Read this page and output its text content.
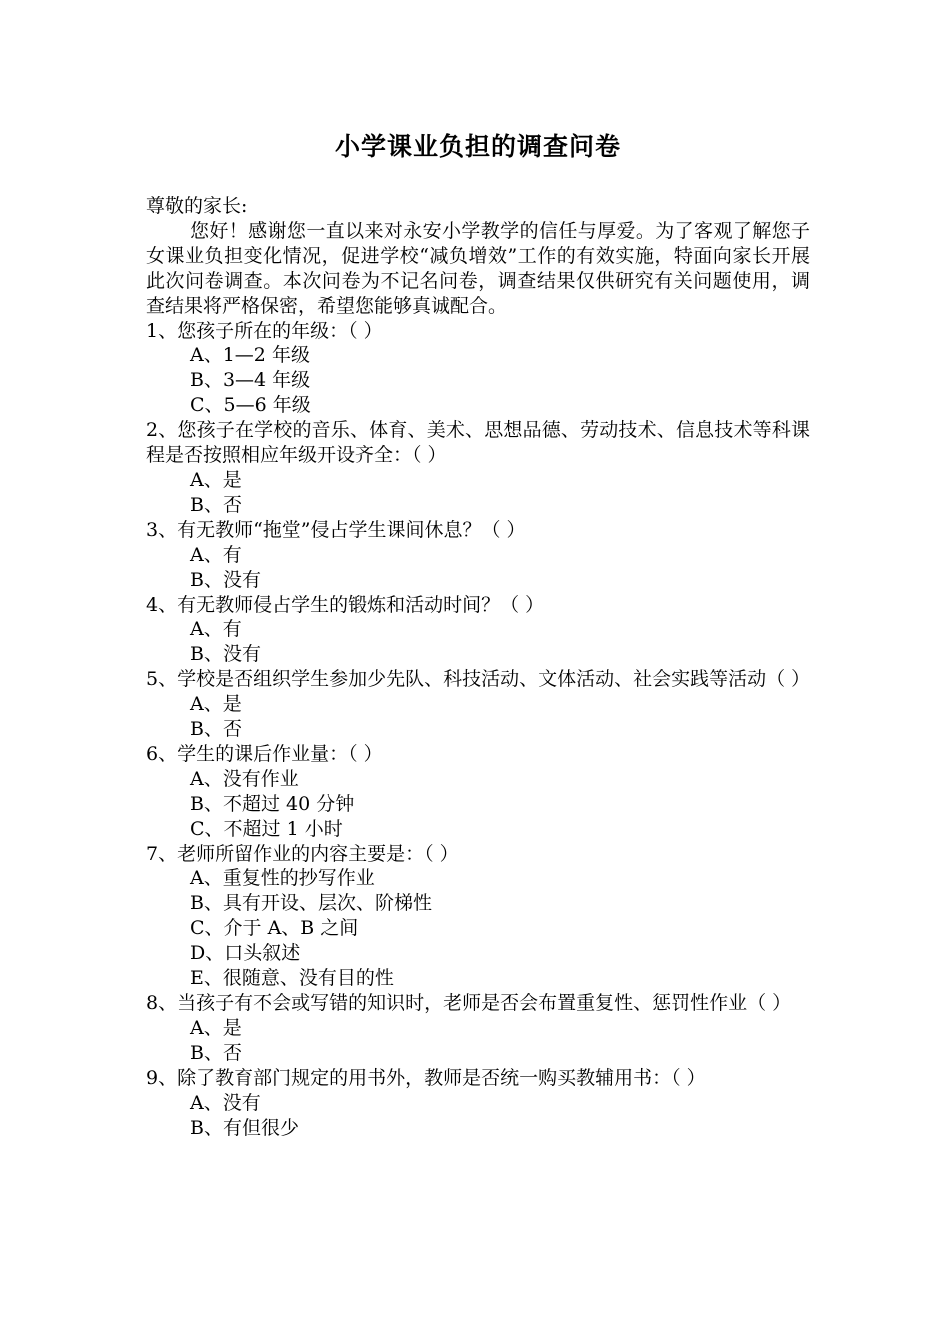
小学课业负担的调查问卷
尊敬的家长:

您好！感谢您一直以来对永安小学教学的信任与厚爱。为了客观了解您子女课业负担变化情况，促进学校“减负增效”工作的有效实施，特面向家长开展此次问卷调查。本次问卷为不记名问卷，调查结果仅供研究有关问题使用，调查结果将严格保密，希望您能够真诚配合。

1、您孩子所在的年级：（ ）

A、1—2 年级
B、3—4 年级
C、5—6 年级

2、您孩子在学校的音乐、体育、美术、思想品德、劳动技术、信息技术等科课程是否按照相应年级开设齐全：（ ）

A、是
B、否

3、有无教师“拖堂”侵占学生课间休息？（ ）

A、有
B、没有

4、有无教师侵占学生的锻炼和活动时间？（ ）

A、有
B、没有

5、学校是否组织学生参加少先队、科技活动、文体活动、社会实践等活动（ ）

A、是
B、否

6、学生的课后作业量：（ ）

A、没有作业
B、不超过 40 分钟
C、不超过 1 小时

7、老师所留作业的内容主要是：（ ）

A、重复性的抄写作业
B、具有开设、层次、阶梯性
C、介于 A、B 之间
D、口头叙述
E、很随意、没有目的性

8、当孩子有不会或写错的知识时，老师是否会布置重复性、惩罚性作业（ ）

A、是
B、否

9、除了教育部门规定的用书外，教师是否统一购买教辅用书：（ ）

A、没有
B、有但很少
